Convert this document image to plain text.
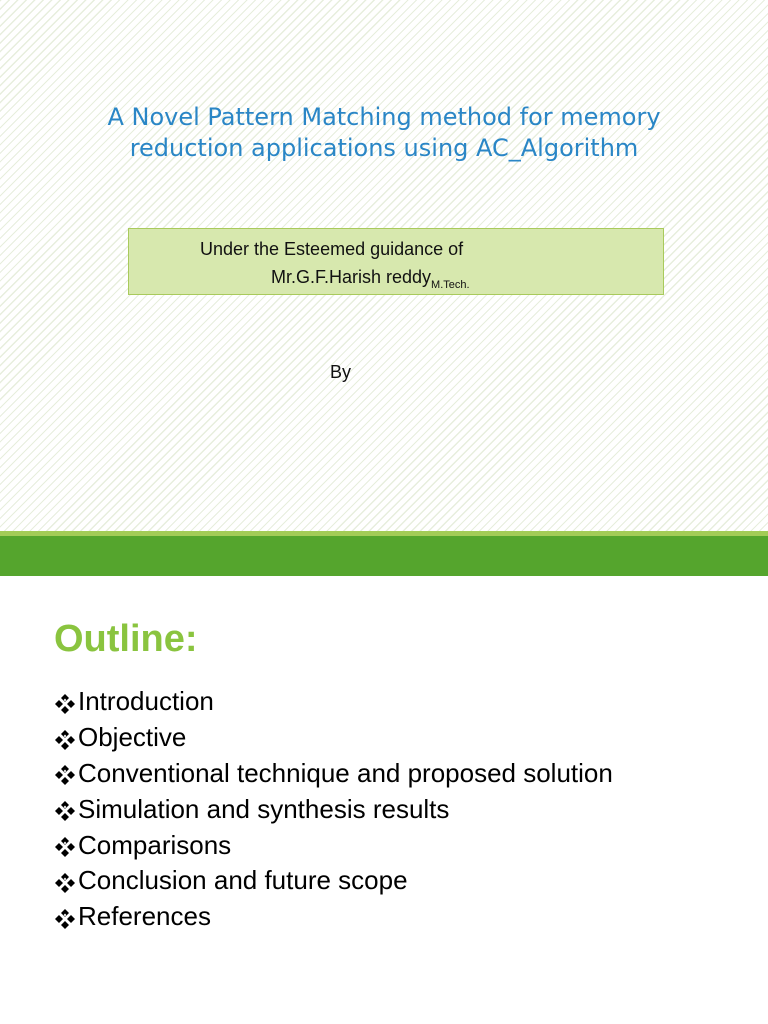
A Novel Pattern Matching method for memory
reduction applications using AC_Algorithm
Under the Esteemed guidance of
Mr.G.F.Harish reddy$_{M.Tech.}$
By
Outline:
Introduction
Objective
Conventional technique and proposed solution
Simulation and synthesis results
Comparisons
Conclusion and future scope
References
